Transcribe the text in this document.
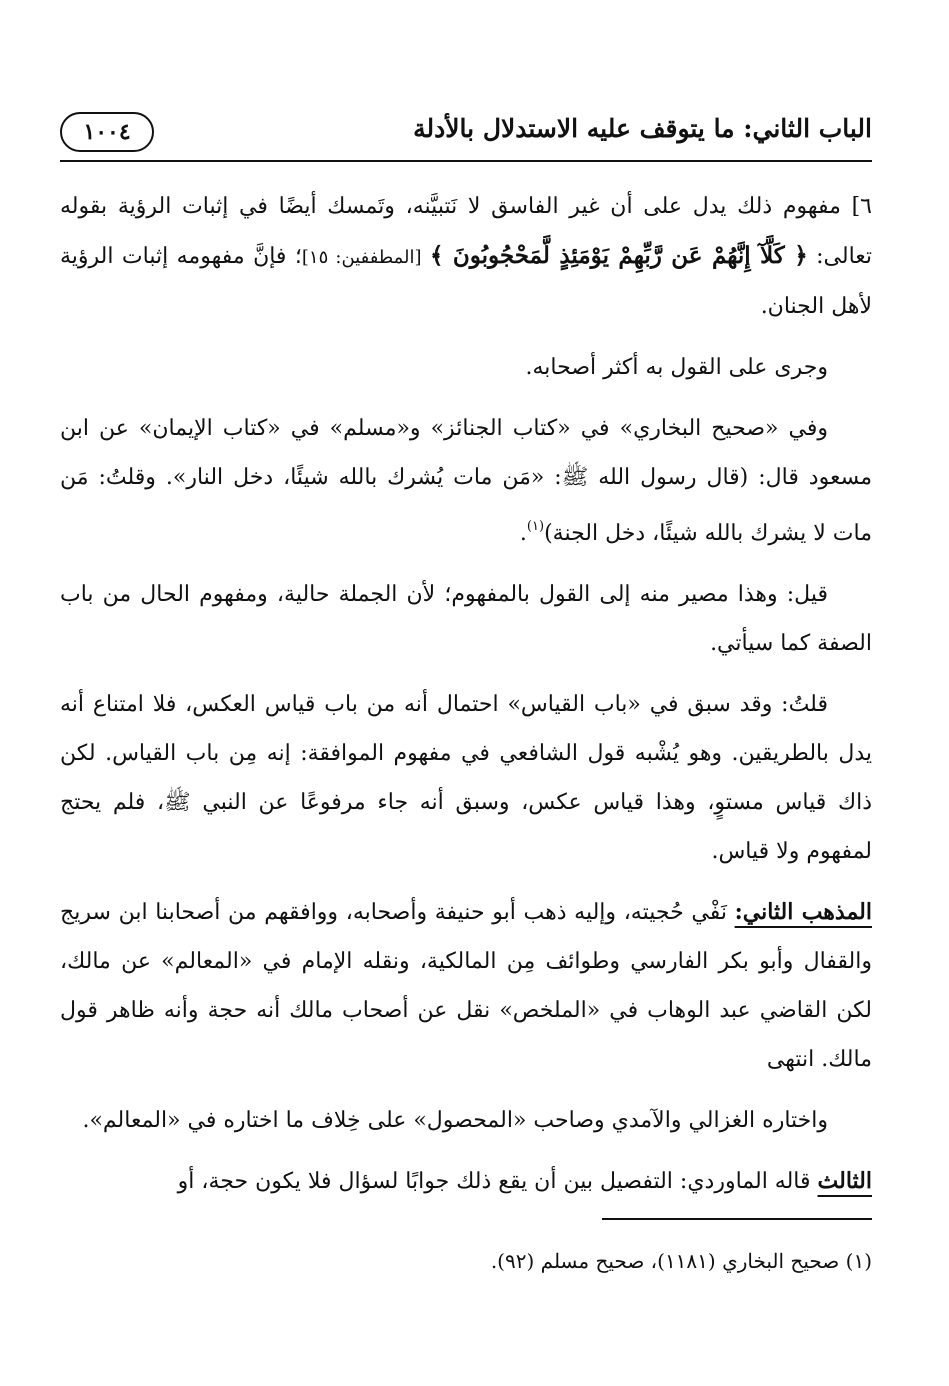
الباب الثاني: ما يتوقف عليه الاستدلال بالأدلة
١٠٠٤

٦] مفهوم ذلك يدل على أن غير الفاسق لا نَتبيَّنه، وتَمسك أيضًا في إثبات الرؤية بقوله تعالى: ﴿ كَلَّآ إِنَّهُمْ عَن رَّبِّهِمْ يَوْمَئِذٍ لَّمَحْجُوبُونَ ﴾ [المطففين: ١٥]؛ فإنَّ مفهومه إثبات الرؤية لأهل الجنان.

وجرى على القول به أكثر أصحابه.

وفي «صحيح البخاري» في «كتاب الجنائز» و«مسلم» في «كتاب الإيمان» عن ابن مسعود قال: (قال رسول الله ﷺ: «مَن مات يُشرك بالله شيئًا، دخل النار». وقلتُ: مَن مات لا يشرك بالله شيئًا، دخل الجنة)$^{(١)}$.

قيل: وهذا مصير منه إلى القول بالمفهوم؛ لأن الجملة حالية، ومفهوم الحال من باب الصفة كما سيأتي.

قلتُ: وقد سبق في «باب القياس» احتمال أنه من باب قياس العكس، فلا امتناع أنه يدل بالطريقين. وهو يُشْبه قول الشافعي في مفهوم الموافقة: إنه مِن باب القياس. لكن ذاك قياس مستوٍ، وهذا قياس عكس، وسبق أنه جاء مرفوعًا عن النبي ﷺ، فلم يحتج لمفهوم ولا قياس.

المذهب الثاني: نَفْي حُجيته، وإليه ذهب أبو حنيفة وأصحابه، ووافقهم من أصحابنا ابن سريج والقفال وأبو بكر الفارسي وطوائف مِن المالكية، ونقله الإمام في «المعالم» عن مالك، لكن القاضي عبد الوهاب في «الملخص» نقل عن أصحاب مالك أنه حجة وأنه ظاهر قول مالك. انتهى

واختاره الغزالي والآمدي وصاحب «المحصول» على خِلاف ما اختاره في «المعالم».

الثالث قاله الماوردي: التفصيل بين أن يقع ذلك جوابًا لسؤال فلا يكون حجة، أو

(١) صحيح البخاري (١١٨١)، صحيح مسلم (٩٢).
